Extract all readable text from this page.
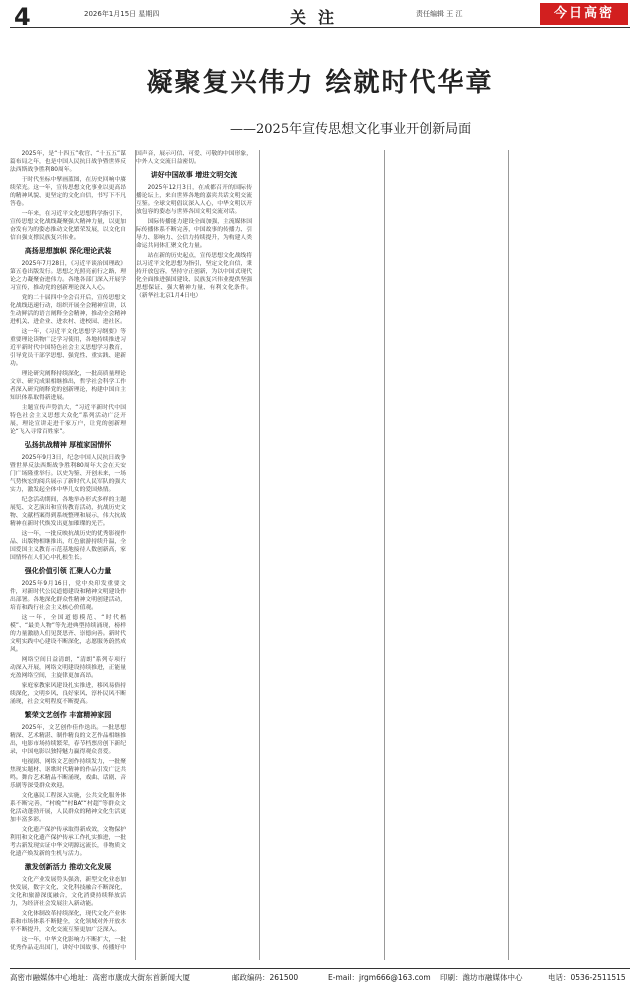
4	2026年1月15日 星期四	关注	责任编辑 王 江	今日高密
凝聚复兴伟力 绘就时代华章
——2025年宣传思想文化事业开创新局面

2025年，是“十四五”收官、“十五五”谋篇布局之年，也是中国人民抗日战争暨世界反法西斯战争胜利80周年。

于时代坐标中擘画蓝图，在历史回响中赓续荣光。这一年，宣传思想文化事业以更高昂的精神风貌、更坚定的文化自信，书写下不凡答卷。

一年来，在习近平文化思想科学指引下，宣传思想文化战线凝聚强大精神力量，以更加奋发有为的姿态推动文化繁荣发展，以文化自信自强支撑民族复兴伟业。

高扬思想旗帜 深化理论武装

2025年7月28日，《习近平谈治国理政》第五卷出版发行。思想之光照亮前行之路，理论之力凝聚奋进伟力。各地各部门深入开展学习宣传，推动党的创新理论深入人心。

党的二十届四中全会召开后，宣传思想文化战线迅速行动，组织开展全会精神宣讲，以生动鲜活的语言阐释全会精神，推动全会精神进机关、进企业、进农村、进校园、进社区。

这一年，《习近平文化思想学习纲要》等重要理论读物广泛学习使用，各地持续推进习近平新时代中国特色社会主义思想学习教育，引导党员干部学思想、强党性、重实践、建新功。

理论研究阐释持续深化，一批高质量理论文章、研究成果相继推出，哲学社会科学工作者深入研究阐释党的创新理论，构建中国自主知识体系取得新进展。

主题宣传声势浩大，“习近平新时代中国特色社会主义思想大众化”系列活动广泛开展，理论宣讲走进千家万户，让党的创新理论“飞入寻常百姓家”。

弘扬抗战精神 厚植家国情怀

2025年9月3日，纪念中国人民抗日战争暨世界反法西斯战争胜利80周年大会在天安门广场隆重举行。以史为鉴、开创未来，一场气势恢宏的阅兵展示了新时代人民军队的强大实力，激发起全体中华儿女的爱国热情。

纪念活动期间，各地举办形式多样的主题展览、文艺演出和宣传教育活动，抗战历史文物、文献档案得到系统整理和展示，伟大抗战精神在新时代焕发出更加璀璨的光芒。

这一年，一批反映抗战历史的优秀影视作品、出版物相继推出，红色旅游持续升温，全国爱国主义教育示范基地接待人数创新高，家国情怀在人们心中扎根生长。

强化价值引领 汇聚人心力量

2025年9月16日，党中央印发重要文件，对新时代公民道德建设和精神文明建设作出部署。各地深化群众性精神文明创建活动，培育和践行社会主义核心价值观。

这一年，全国道德模范、“时代楷模”、“最美人物”等先进典型持续涌现，榜样的力量激励人们见贤思齐、崇德向善。新时代文明实践中心建设不断深化，志愿服务蔚然成风。

网络空间日益清朗，“清朗”系列专项行动深入开展，网络文明建设持续推进，正能量充盈网络空间，主旋律更加高昂。

家庭家教家风建设扎实推进，移风易俗持续深化，文明乡风、良好家风、淳朴民风不断涌现，社会文明程度不断提高。

繁荣文艺创作 丰富精神家园

2025年，文艺创作佳作迭出。一批思想精深、艺术精湛、制作精良的文艺作品相继推出，电影市场持续繁荣，春节档票房创下新纪录，中国电影以独特魅力赢得观众喜爱。

电视剧、网络文艺创作持续发力，一批聚焦现实题材、讴歌时代精神的作品引发广泛共鸣。舞台艺术精品不断涌现，戏曲、话剧、音乐剧等深受群众欢迎。

文化惠民工程深入实施，公共文化服务体系不断完善，“村晚”“村BA”“村超”等群众文化活动蓬勃开展，人民群众的精神文化生活更加丰富多彩。

文化遗产保护传承取得新成效，文物保护利用和文化遗产保护传承工作扎实推进，一批考古新发现实证中华文明源远流长，非物质文化遗产焕发新的生机与活力。

激发创新活力 推动文化发展

文化产业发展势头强劲，新型文化业态加快发展，数字文化、文化科技融合不断深化，文化和旅游深度融合，文化消费持续释放活力，为经济社会发展注入新动能。

文化体制改革持续深化，现代文化产业体系和市场体系不断健全，文化领域对外开放水平不断提升，文化交流互鉴更加广泛深入。

这一年，中华文化影响力不断扩大，一批优秀作品走出国门，讲好中国故事、传播好中国声音，展示可信、可爱、可敬的中国形象，中外人文交流日益密切。

讲好中国故事 增进文明交流

2025年12月3日，在成都召开的国际传播论坛上，来自世界各地的嘉宾共话文明交流互鉴。全球文明倡议深入人心，中华文明以开放包容的姿态与世界各国文明交流对话。

国际传播能力建设全面加强，主流媒体国际传播体系不断完善，中国故事的传播力、引导力、影响力、公信力持续提升，为构建人类命运共同体汇聚文化力量。

站在新的历史起点，宣传思想文化战线将以习近平文化思想为指引，坚定文化自信，秉持开放包容，坚持守正创新，为以中国式现代化全面推进强国建设、民族复兴伟业提供坚强思想保证、强大精神力量、有利文化条件。（新华社北京1月4日电）

高密市融媒体中心地址：高密市康成大街东首新闻大厦	邮政编码：261500	E-mail：jrgm666@163.com 印刷：潍坊市融媒体中心	电话：0536-2511515
